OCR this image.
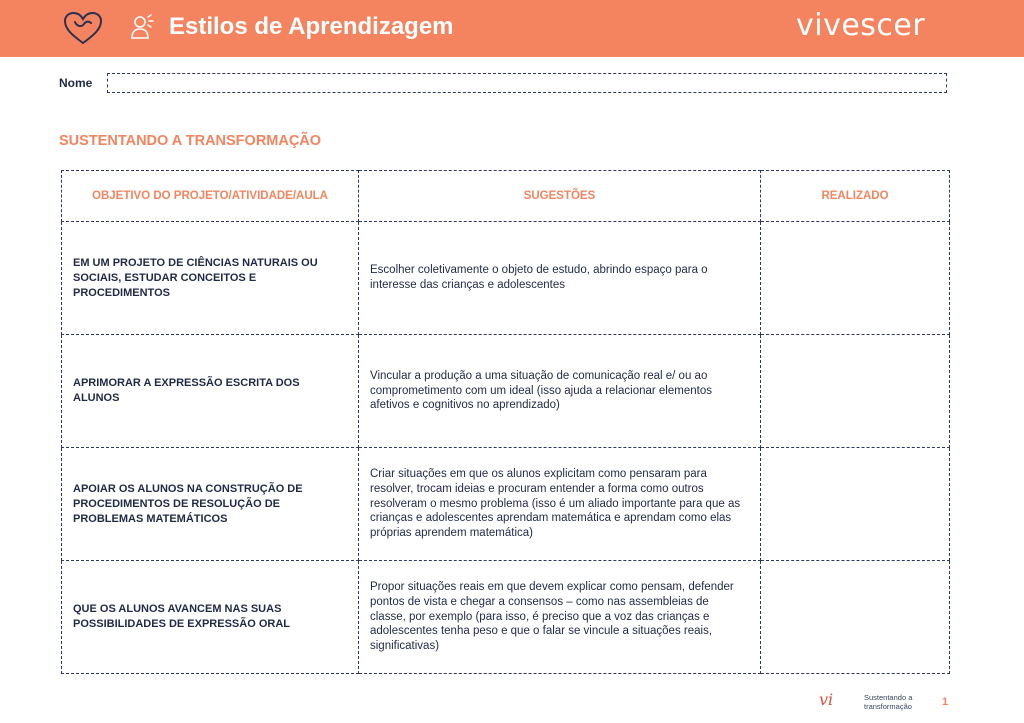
Estilos de Aprendizagem	vivescer
Nome
SUSTENTANDO A TRANSFORMAÇÃO
OBJETIVO DO PROJETO/ATIVIDADE/AULA	SUGESTÕES	REALIZADO
EM UM PROJETO DE CIÊNCIAS NATURAIS OU SOCIAIS, ESTUDAR CONCEITOS E PROCEDIMENTOS	Escolher coletivamente o objeto de estudo, abrindo espaço para o interesse das crianças e adolescentes	
APRIMORAR A EXPRESSÃO ESCRITA DOS ALUNOS	Vincular a produção a uma situação de comunicação real e/ ou ao comprometimento com um ideal (isso ajuda a relacionar elementos afetivos e cognitivos no aprendizado)	
APOIAR OS ALUNOS NA CONSTRUÇÃO DE PROCEDIMENTOS DE RESOLUÇÃO DE PROBLEMAS MATEMÁTICOS	Criar situações em que os alunos explicitam como pensaram para resolver, trocam ideias e procuram entender a forma como outros resolveram o mesmo problema (isso é um aliado importante para que as crianças e adolescentes aprendam matemática e aprendam como elas próprias aprendem matemática)	
QUE OS ALUNOS AVANCEM NAS SUAS POSSIBILIDADES DE EXPRESSÃO ORAL	Propor situações reais em que devem explicar como pensam, defender pontos de vista e chegar a consensos – como nas assembleias de classe, por exemplo (para isso, é preciso que a voz das crianças e adolescentes tenha peso e que o falar se vincule a situações reais, significativas)	
vi	Sustentando a transformação	1
